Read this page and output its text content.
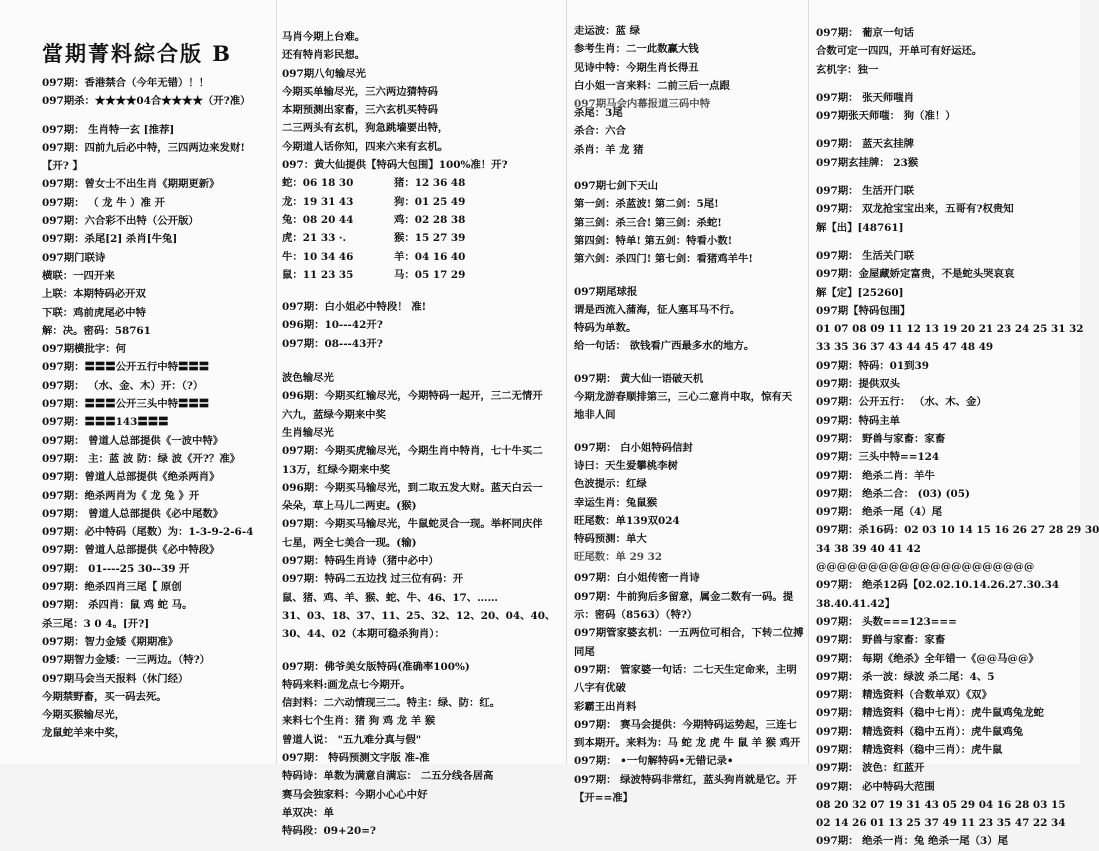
當期菁料綜合版 B
097期：香港禁合（今年无错）！！
097期杀：★★★★04合★★★★（开?准）
097期： 生肖特一玄 [推荐]
097期：四前九后必中特，三四两边来发财!
【开? 】
097期：曾女士不出生肖《期期更新》
097期： （ 龙 牛 ）准 开
097期：六合彩不出特（公开版）
097期：杀尾[2] 杀肖[牛兔]
097期门联诗
横联：一四开来
上联：本期特码必开双
下联：鸡前虎尾必中特
解：决。密码：58761
097期横批字：何
097期：〓〓〓公开五行中特〓〓〓
097期： （水、金、木）开：（?）
097期：〓〓〓公开三头中特〓〓〓
097期：〓〓〓143〓〓〓
097期： 曾道人总部提供《一波中特》
097期： 主：蓝 波 防：绿 波《开?？准》
097期：曾道人总部提供《绝杀两肖》
097期：绝杀两肖为《 龙 兔 》开
097期： 曾道人总部提供《必中尾数》
097期：必中特码（尾数）为：1-3-9-2-6-4
097期：曾道人总部提供《必中特段》
097期： 01----25 30--39 开
097期：绝杀四肖三尾【 原创
097期： 杀四肖：鼠 鸡 蛇 马。
杀三尾：3 0 4。[开?]
097期：智力金矮《期期准》
097期智力金矮：一三两边。（特?）
097期马会当天报料（休门经）
今期禁野畜，买一码去死。
今期买猴输尽光，
龙鼠蛇羊来中奖，
马肖今期上台难。
还有特肖彩民想。
097期八句输尽光
今期买单输尽光，三六两边猜特码
本期预测出家畜，三六玄机买特码
二三两头有玄机，狗急跳墙要出特，
今期道人话你知，四来六来有玄机。
097：黄大仙提供【特码大包围】100%准！开?
蛇：06 18 30	猪：12 36 48
龙：19 31 43	狗：01 25 49
兔：08 20 44	鸡：02 28 38
虎：21 33 ·.	猴：15 27 39
牛：10 34 46	羊：04 16 40
鼠：11 23 35	马：05 17 29
097期：白小姐必中特段！ 准!
096期：10---42开?
097期：08---43开?
波色输尽光
096期：今期买红输尽光，今期特码一起开，三二无情开
六九，蓝绿今期来中奖
生肖输尽光
097期：今期买虎输尽光，今期生肖中特肖，七十牛买二
13万，红绿今期来中奖
096期：今期买马输尽光，到二取五发大财。蓝天白云一
朵朵，草上马儿二两吏。(猴)
097期：今期买马输尽光，牛鼠蛇灵合一现。举杯同庆伴
七星，两全七美合一现。(输)
097期：特码生肖诗（猪中必中）
097期：特码二五边找 过三位有码：开
鼠、猪、鸡、羊、猴、蛇、牛、46、17、……
31、03、18、37、11、25、32、12、20、04、40、
30、44、02（本期可稳杀狗肖）：
097期：佛爷美女版特码(准确率100%)
特码来料:画龙点七今期开。
信封料：二六动情现三二。特主：绿、防：红。
来料七个生肖：猪 狗 鸡 龙 羊 猴
曾道人说： "五九难分真与假"
097期： 特码预测文字版 准-准
特码诗：单数为满意自满忘： 二五分线各居高
赛马会独家料：今期小心心中好
单双决：单
特码段：09+20=?
走运波：蓝 绿
参考生肖：二一此数赢大钱
见诗中特：今期生肖长得丑
白小姐一言来料：二前三后一点跟
097期马会内幕报道三码中特
杀尾：3尾
杀合：六合
杀肖：羊 龙 猪
097期七剑下天山
第一剑：杀蓝波! 第二剑：5尾!
第三剑：杀三合! 第三剑：杀蛇!
第四剑：特单! 第五剑：特看小数!
第六剑：杀四门! 第七剑：看猪鸡羊牛!
097期尾球报
谓是西流入蒲海，征人塞耳马不行。
特码为单数。
给一句话： 欲钱看广西最多水的地方。
097期： 黄大仙一语破天机
今期龙游春顺排第三，三心二意肖中取，惊有天
地非人间
097期： 白小姐特码信封
诗曰：天生爱攀桃李树
色波提示：红绿
幸运生肖：兔鼠猴
旺尾数：单139双024
特码预测：单大
旺尾数：单 29 32
097期：白小姐传密一肖诗
097期：牛前狗后多留意，属金二数有一码。提
示：密码（8563）（特?）
097期管家婆玄机：一五两位可相合，下转二位搏
同尾
097期： 管家婆一句话：二七天生定命来，主明
八字有优破
彩霸王出肖料
097期： 赛马会提供：今期特码运势起，三连七
到本期开。来料为：马 蛇 龙 虎 牛 鼠 羊 猴 鸡开
097期： •一句解特码•无错记录•
097期： 绿波特码非常红，蓝头狗肖就是它。开
【开==准】
097期： 葡京一句话
合数可定一四四，开单可有好运还。
玄机字：独一
097期： 张天师嗤肖
097期张天师嗤： 狗（准！）
097期： 蓝天玄挂牌
097期玄挂牌： 23猴
097期： 生活开门联
097期： 双龙抢宝宝出来，五哥有?权贵知
解【出】[48761]
097期： 生活关门联
097期：金屋藏娇定富贵，不是蛇头哭哀哀
解【定】[25260]
097期【特码包围】
01 07 08 09 11 12 13 19 20 21 23 24 25 31 32
33 35 36 37 43 44 45 47 48 49
097期：特码：01到39
097期：提供双头
097期：公开五行： （水、木、金）
097期：特码主单
097期： 野兽与家畜：家畜
097期：三头中特==124
097期： 绝杀二肖：羊牛
097期： 绝杀二合： (03) (05)
097期： 绝杀一尾（4）尾
097期：杀16码：02 03 10 14 15 16 26 27 28 29 30
34 38 39 40 41 42
@@@@@@@@@@@@@@@@@@@@@
097期： 绝杀12码【02.02.10.14.26.27.30.34
38.40.41.42】
097期： 头数===123===
097期： 野兽与家畜：家畜
097期： 每期《绝杀》全年错一《@@马@@》
097期： 杀一波：绿波 杀二尾：4、5
097期： 精选资料（合数单双）《双》
097期： 精选资料（稳中七肖）：虎牛鼠鸡兔龙蛇
097期： 精选资料（稳中五肖）：虎牛鼠鸡兔
097期： 精选资料（稳中三肖）：虎牛鼠
097期： 波色：红蓝开
097期： 必中特码大范围
08 20 32 07 19 31 43 05 29 04 16 28 03 15
02 14 26 01 13 25 37 49 11 23 35 47 22 34
097期： 绝杀一肖：兔 绝杀一尾（3）尾
